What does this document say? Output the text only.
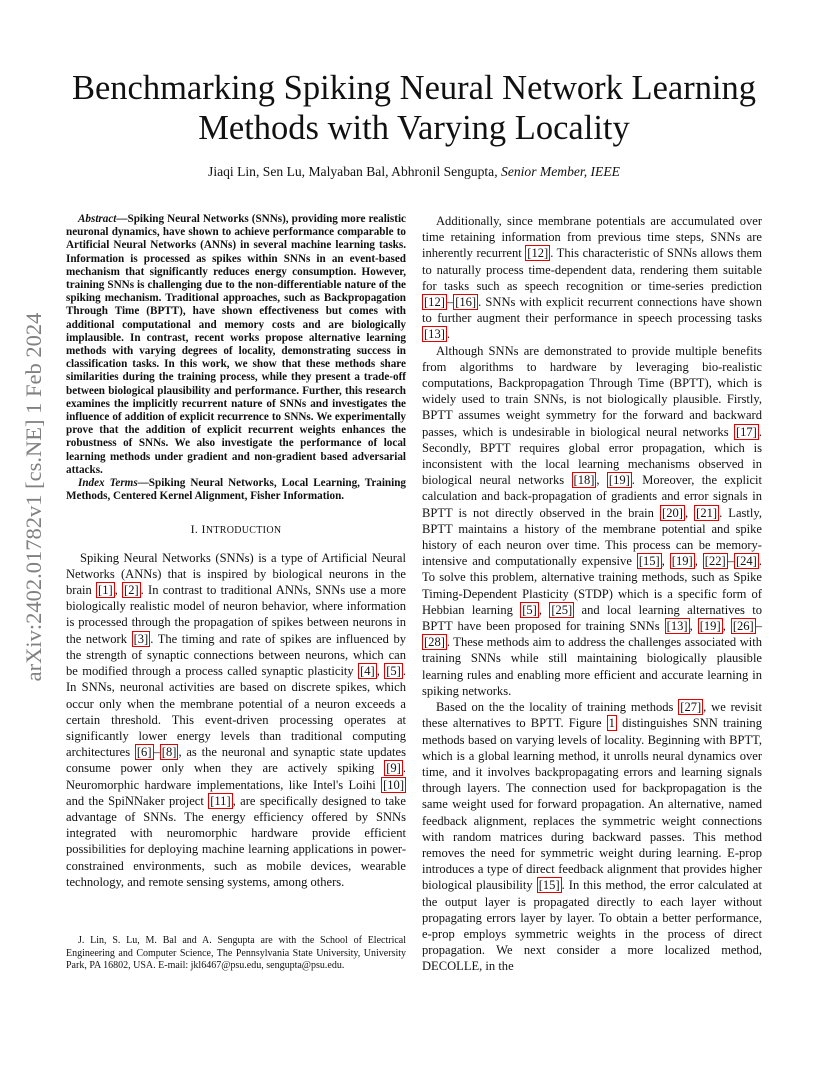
Benchmarking Spiking Neural Network Learning Methods with Varying Locality
Jiaqi Lin, Sen Lu, Malyaban Bal, Abhronil Sengupta, Senior Member, IEEE
arXiv:2402.01782v1 [cs.NE] 1 Feb 2024

Abstract—Spiking Neural Networks (SNNs), providing more realistic neuronal dynamics, have shown to achieve performance comparable to Artificial Neural Networks (ANNs) in several machine learning tasks. Information is processed as spikes within SNNs in an event-based mechanism that significantly reduces energy consumption. However, training SNNs is challenging due to the non-differentiable nature of the spiking mechanism. Traditional approaches, such as Backpropagation Through Time (BPTT), have shown effectiveness but comes with additional computational and memory costs and are biologically implausible. In contrast, recent works propose alternative learning methods with varying degrees of locality, demonstrating success in classification tasks. In this work, we show that these methods share similarities during the training process, while they present a trade-off between biological plausibility and performance. Further, this research examines the implicitly recurrent nature of SNNs and investigates the influence of addition of explicit recurrence to SNNs. We experimentally prove that the addition of explicit recurrent weights enhances the robustness of SNNs. We also investigate the performance of local learning methods under gradient and non-gradient based adversarial attacks.

Index Terms—Spiking Neural Networks, Local Learning, Training Methods, Centered Kernel Alignment, Fisher Information.

I. INTRODUCTION

Spiking Neural Networks (SNNs) is a type of Artificial Neural Networks (ANNs) that is inspired by biological neurons in the brain [1] , [2] . In contrast to traditional ANNs, SNNs use a more biologically realistic model of neuron behavior, where information is processed through the propagation of spikes between neurons in the network [3] . The timing and rate of spikes are influenced by the strength of synaptic connections between neurons, which can be modified through a process called synaptic plasticity [4] , [5] . In SNNs, neuronal activities are based on discrete spikes, which occur only when the membrane potential of a neuron exceeds a certain threshold. This event-driven processing operates at significantly lower energy levels than traditional computing architectures [6] – [8] , as the neuronal and synaptic state updates consume power only when they are actively spiking [9] . Neuromorphic hardware implementations, like Intel's Loihi [10] and the SpiNNaker project [11] , are specifically designed to take advantage of SNNs. The energy efficiency offered by SNNs integrated with neuromorphic hardware provide efficient possibilities for deploying machine learning applications in power-constrained environments, such as mobile devices, wearable technology, and remote sensing systems, among others.

Additionally, since membrane potentials are accumulated over time retaining information from previous time steps, SNNs are inherently recurrent [12] . This characteristic of SNNs allows them to naturally process time-dependent data, rendering them suitable for tasks such as speech recognition or time-series prediction [12] – [16] . SNNs with explicit recurrent connections have shown to further augment their performance in speech processing tasks [13] .

Although SNNs are demonstrated to provide multiple benefits from algorithms to hardware by leveraging bio-realistic computations, Backpropagation Through Time (BPTT), which is widely used to train SNNs, is not biologically plausible. Firstly, BPTT assumes weight symmetry for the forward and backward passes, which is undesirable in biological neural networks [17] . Secondly, BPTT requires global error propagation, which is inconsistent with the local learning mechanisms observed in biological neural networks [18] , [19] . Moreover, the explicit calculation and back-propagation of gradients and error signals in BPTT is not directly observed in the brain [20] , [21] . Lastly, BPTT maintains a history of the membrane potential and spike history of each neuron over time. This process can be memory-intensive and computationally expensive [15] , [19] , [22] – [24] . To solve this problem, alternative training methods, such as Spike Timing-Dependent Plasticity (STDP) which is a specific form of Hebbian learning [5] , [25] and local learning alternatives to BPTT have been proposed for training SNNs [13] , [19] , [26] –[28] . These methods aim to address the challenges associated with training SNNs while still maintaining biologically plausible learning rules and enabling more efficient and accurate learning in spiking networks.

Based on the the locality of training methods [27] , we revisit these alternatives to BPTT. Figure 1 distinguishes SNN training methods based on varying levels of locality. Beginning with BPTT, which is a global learning method, it unrolls neural dynamics over time, and it involves backpropagating errors and learning signals through layers. The connection used for backpropagation is the same weight used for forward propagation. An alternative, named feedback alignment, replaces the symmetric weight connections with random matrices during backward passes. This method removes the need for symmetric weight during learning. E-prop introduces a type of direct feedback alignment that provides higher biological plausibility [15] . In this method, the error calculated at the output layer is propagated directly to each layer without propagating errors layer by layer. To obtain a better performance, e-prop employs symmetric weights in the process of direct propagation. We next consider a more localized method, DECOLLE, in the

J. Lin, S. Lu, M. Bal and A. Sengupta are with the School of Electrical Engineering and Computer Science, The Pennsylvania State University, University Park, PA 16802, USA. E-mail: jkl6467@psu.edu, sengupta@psu.edu.
